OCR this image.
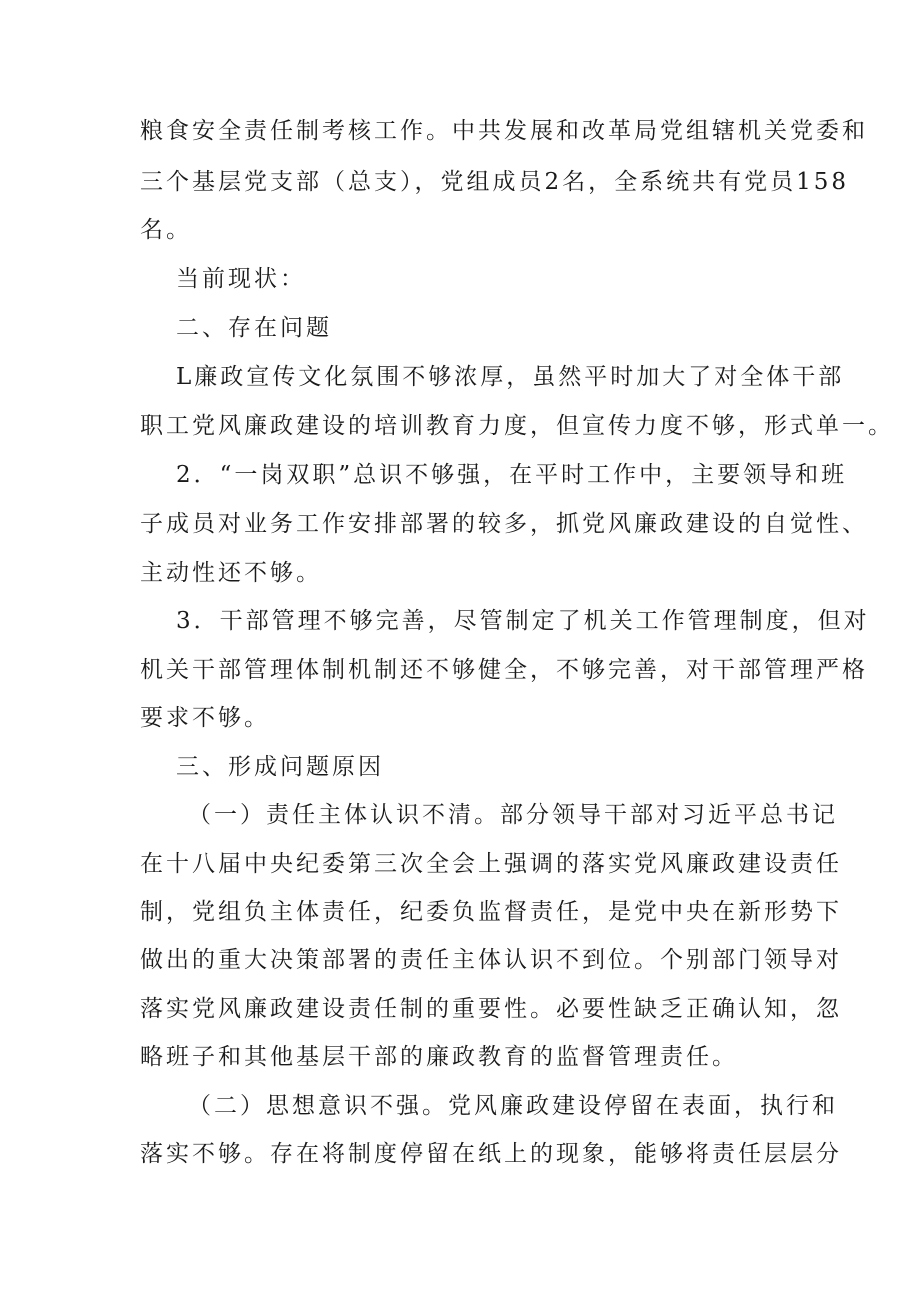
粮食安全责任制考核工作。中共发展和改革局党组辖机关党委和
三个基层党支部（总支），党组成员2名，全系统共有党员158
名。
当前现状：
二、存在问题
L廉政宣传文化氛围不够浓厚，虽然平时加大了对全体干部
职工党风廉政建设的培训教育力度，但宣传力度不够，形式单一。
2．“一岗双职”总识不够强，在平时工作中，主要领导和班
子成员对业务工作安排部署的较多，抓党风廉政建设的自觉性、
主动性还不够。
3．干部管理不够完善，尽管制定了机关工作管理制度，但对
机关干部管理体制机制还不够健全，不够完善，对干部管理严格
要求不够。
三、形成问题原因
（一）责任主体认识不清。部分领导干部对习近平总书记
在十八届中央纪委第三次全会上强调的落实党风廉政建设责任
制，党组负主体责任，纪委负监督责任，是党中央在新形势下
做出的重大决策部署的责任主体认识不到位。个别部门领导对
落实党风廉政建设责任制的重要性。必要性缺乏正确认知，忽
略班子和其他基层干部的廉政教育的监督管理责任。
（二）思想意识不强。党风廉政建设停留在表面，执行和
落实不够。存在将制度停留在纸上的现象，能够将责任层层分
